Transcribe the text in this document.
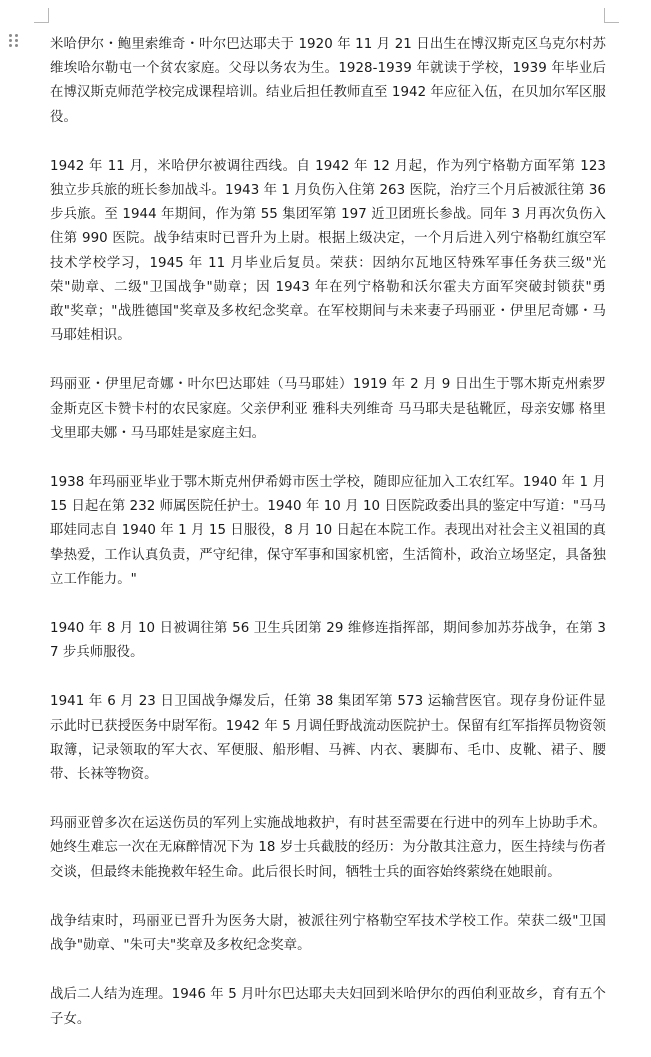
米哈伊尔・鲍里索维奇・叶尔巴达耶夫于 1920 年 11 月 21 日出生在博汉斯克区乌克尔村苏维埃哈尔勒屯一个贫农家庭。父母以务农为生。1928-1939 年就读于学校，1939 年毕业后在博汉斯克师范学校完成课程培训。结业后担任教师直至 1942 年应征入伍，在贝加尔军区服役。

1942 年 11 月，米哈伊尔被调往西线。自 1942 年 12 月起，作为列宁格勒方面军第 123 独立步兵旅的班长参加战斗。1943 年 1 月负伤入住第 263 医院，治疗三个月后被派往第 36 步兵旅。至 1944 年期间，作为第 55 集团军第 197 近卫团班长参战。同年 3 月再次负伤入住第 990 医院。战争结束时已晋升为上尉。根据上级决定，一个月后进入列宁格勒红旗空军技术学校学习，1945 年 11 月毕业后复员。荣获：因纳尔瓦地区特殊军事任务获三级"光荣"勋章、二级"卫国战争"勋章；因 1943 年在列宁格勒和沃尔霍夫方面军突破封锁获"勇敢"奖章；"战胜德国"奖章及多枚纪念奖章。在军校期间与未来妻子玛丽亚・伊里尼奇娜・马马耶娃相识。

玛丽亚・伊里尼奇娜・叶尔巴达耶娃（马马耶娃）1919 年 2 月 9 日出生于鄂木斯克州索罗金斯克区卡赞卡村的农民家庭。父亲伊利亚 雅科夫列维奇 马马耶夫是毡靴匠，母亲安娜 格里戈里耶夫娜・马马耶娃是家庭主妇。

1938 年玛丽亚毕业于鄂木斯克州伊希姆市医士学校，随即应征加入工农红军。1940 年 1 月 15 日起在第 232 师属医院任护士。1940 年 10 月 10 日医院政委出具的鉴定中写道："马马耶娃同志自 1940 年 1 月 15 日服役，8 月 10 日起在本院工作。表现出对社会主义祖国的真挚热爱，工作认真负责，严守纪律，保守军事和国家机密，生活简朴，政治立场坚定，具备独立工作能力。"

1940 年 8 月 10 日被调往第 56 卫生兵团第 29 维修连指挥部，期间参加苏芬战争，在第 37 步兵师服役。

1941 年 6 月 23 日卫国战争爆发后，任第 38 集团军第 573 运输营医官。现存身份证件显示此时已获授医务中尉军衔。1942 年 5 月调任野战流动医院护士。保留有红军指挥员物资领取簿，记录领取的军大衣、军便服、船形帽、马裤、内衣、裹脚布、毛巾、皮靴、裙子、腰带、长袜等物资。

玛丽亚曾多次在运送伤员的军列上实施战地救护，有时甚至需要在行进中的列车上协助手术。她终生难忘一次在无麻醉情况下为 18 岁士兵截肢的经历：为分散其注意力，医生持续与伤者交谈，但最终未能挽救年轻生命。此后很长时间，牺牲士兵的面容始终萦绕在她眼前。

战争结束时，玛丽亚已晋升为医务大尉，被派往列宁格勒空军技术学校工作。荣获二级"卫国战争"勋章、"朱可夫"奖章及多枚纪念奖章。

战后二人结为连理。1946 年 5 月叶尔巴达耶夫夫妇回到米哈伊尔的西伯利亚故乡，育有五个子女。
